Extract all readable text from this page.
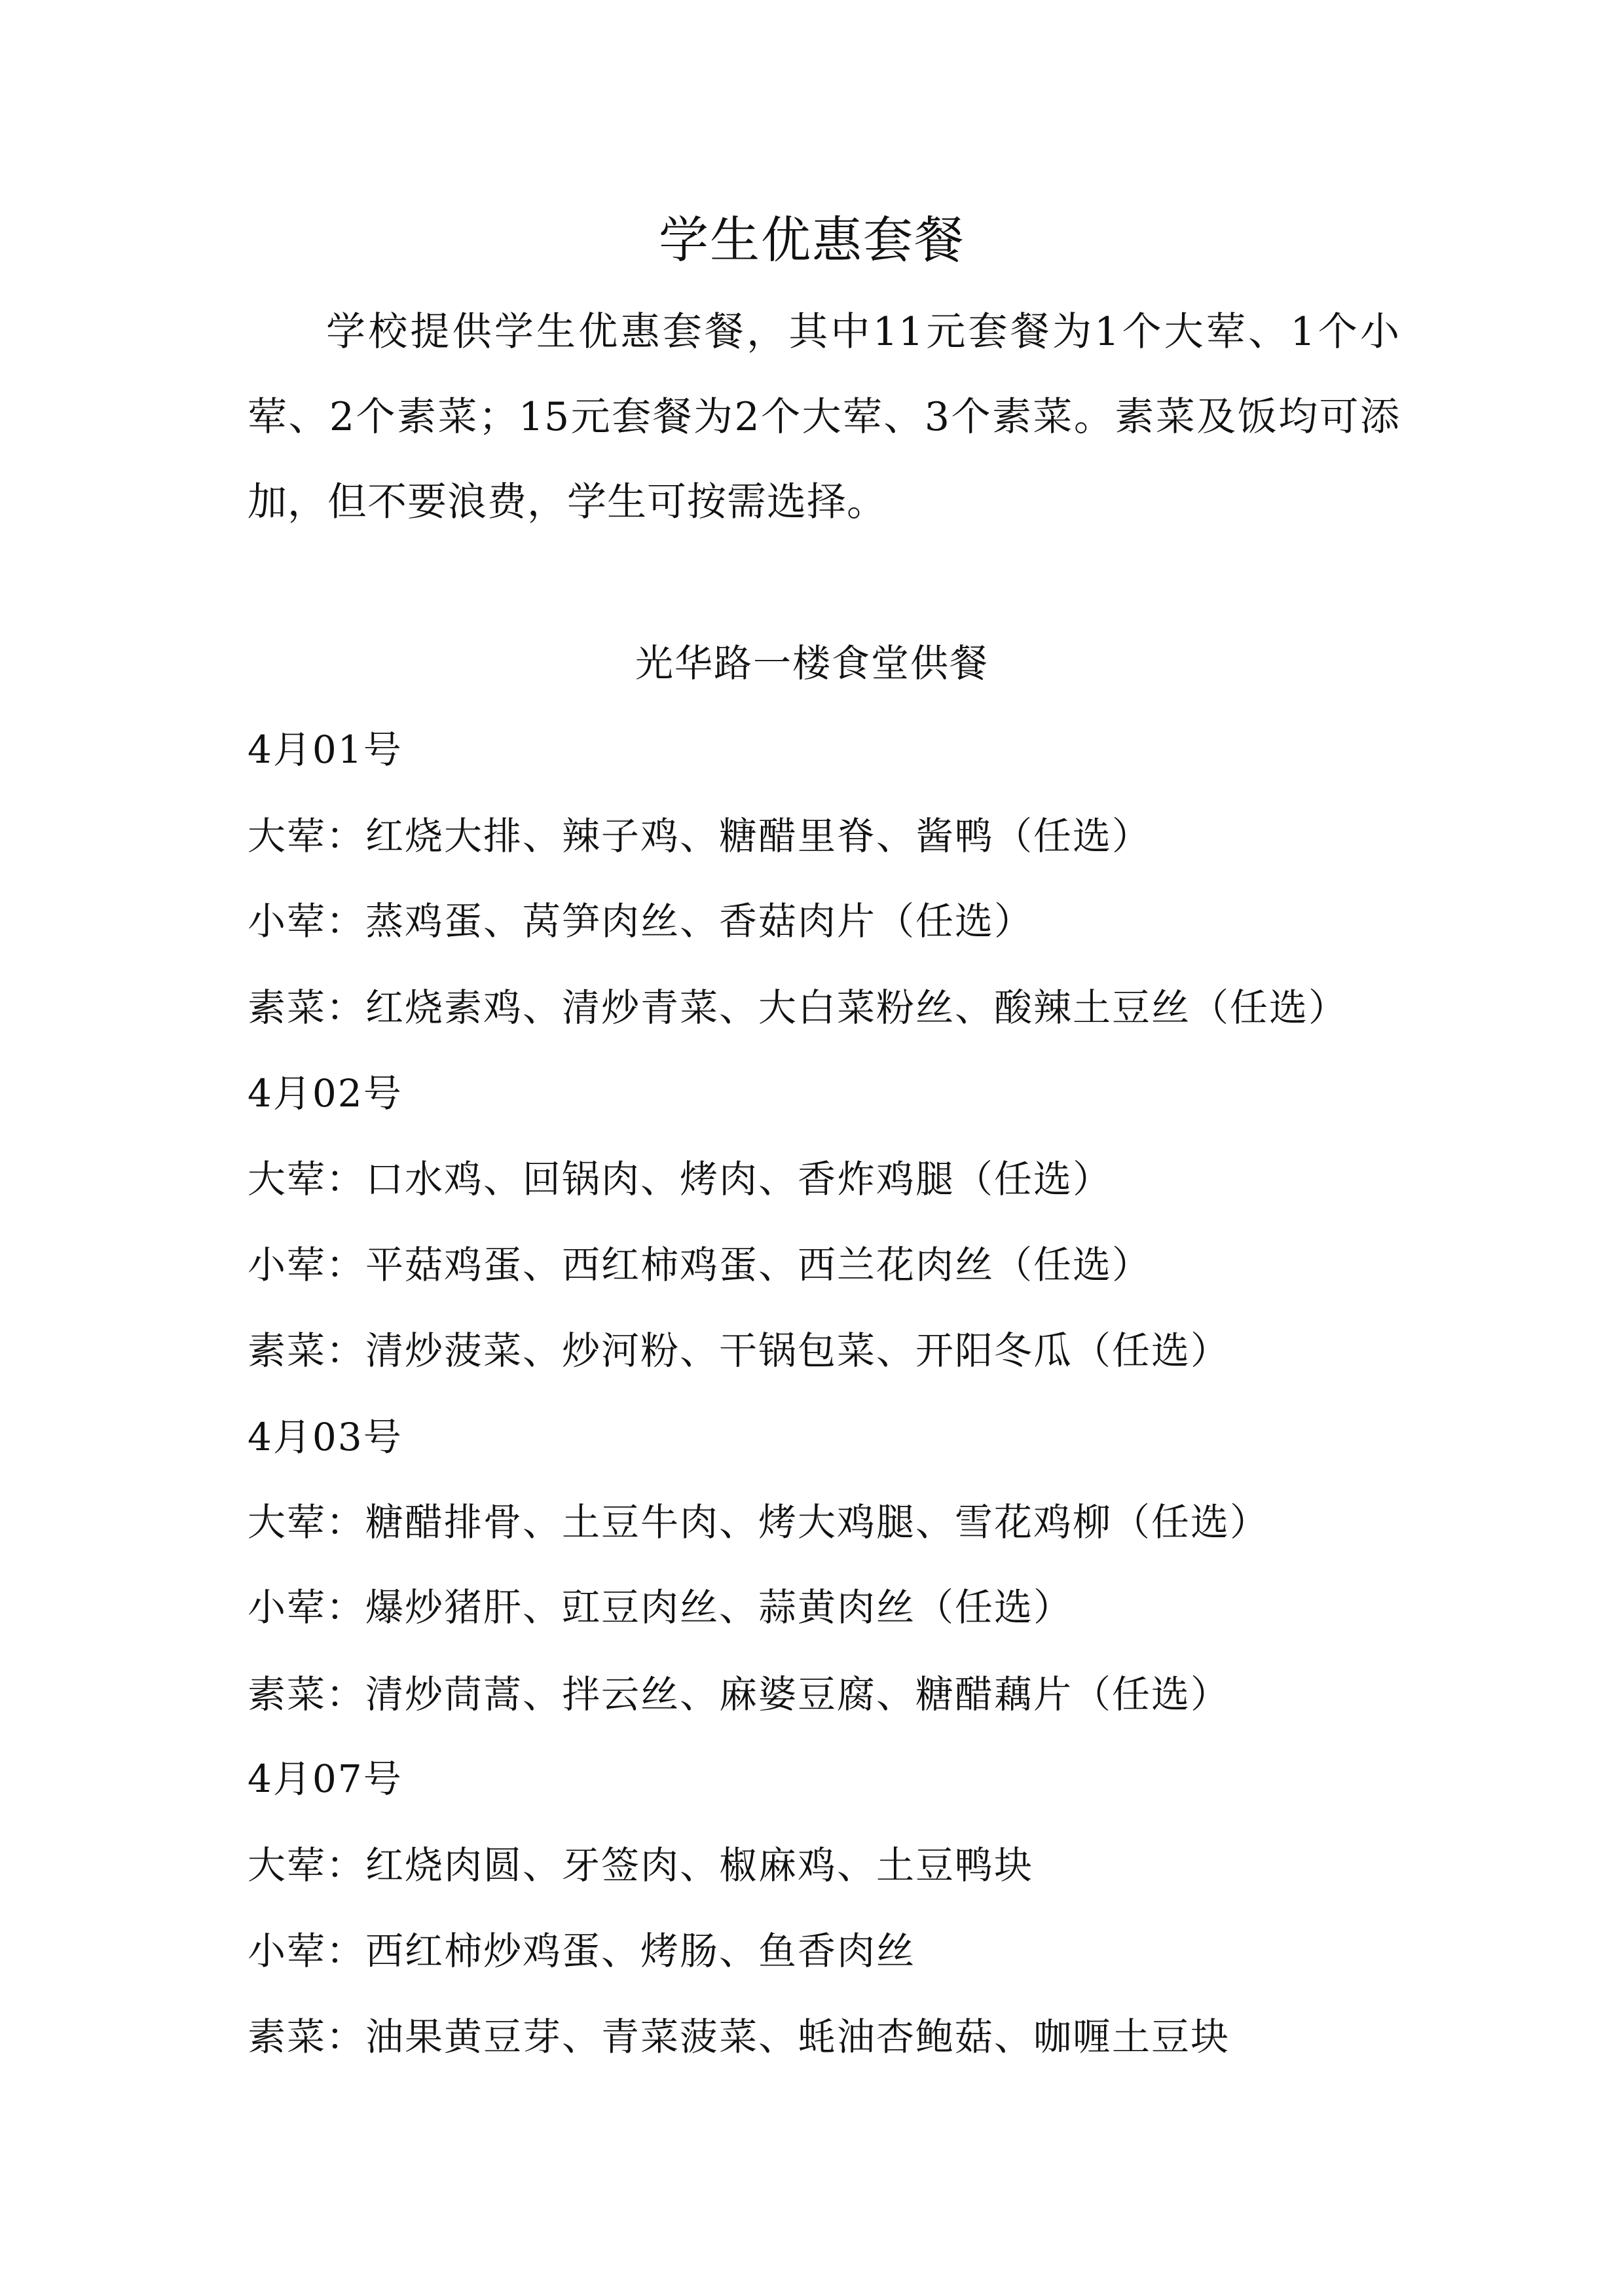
学生优惠套餐

学校提供学生优惠套餐，其中11元套餐为1个大荤、1个小荤、2个素菜；15元套餐为2个大荤、3个素菜。素菜及饭均可添加，但不要浪费，学生可按需选择。

光华路一楼食堂供餐
4月01号
大荤：红烧大排、辣子鸡、糖醋里脊、酱鸭（任选）
小荤：蒸鸡蛋、莴笋肉丝、香菇肉片（任选）
素菜：红烧素鸡、清炒青菜、大白菜粉丝、酸辣土豆丝（任选）
4月02号
大荤：口水鸡、回锅肉、烤肉、香炸鸡腿（任选）
小荤：平菇鸡蛋、西红柿鸡蛋、西兰花肉丝（任选）
素菜：清炒菠菜、炒河粉、干锅包菜、开阳冬瓜（任选）
4月03号
大荤：糖醋排骨、土豆牛肉、烤大鸡腿、雪花鸡柳（任选）
小荤：爆炒猪肝、豇豆肉丝、蒜黄肉丝（任选）
素菜：清炒茼蒿、拌云丝、麻婆豆腐、糖醋藕片（任选）
4月07号
大荤：红烧肉圆、牙签肉、椒麻鸡、土豆鸭块
小荤：西红柿炒鸡蛋、烤肠、鱼香肉丝
素菜：油果黄豆芽、青菜菠菜、蚝油杏鲍菇、咖喱土豆块
